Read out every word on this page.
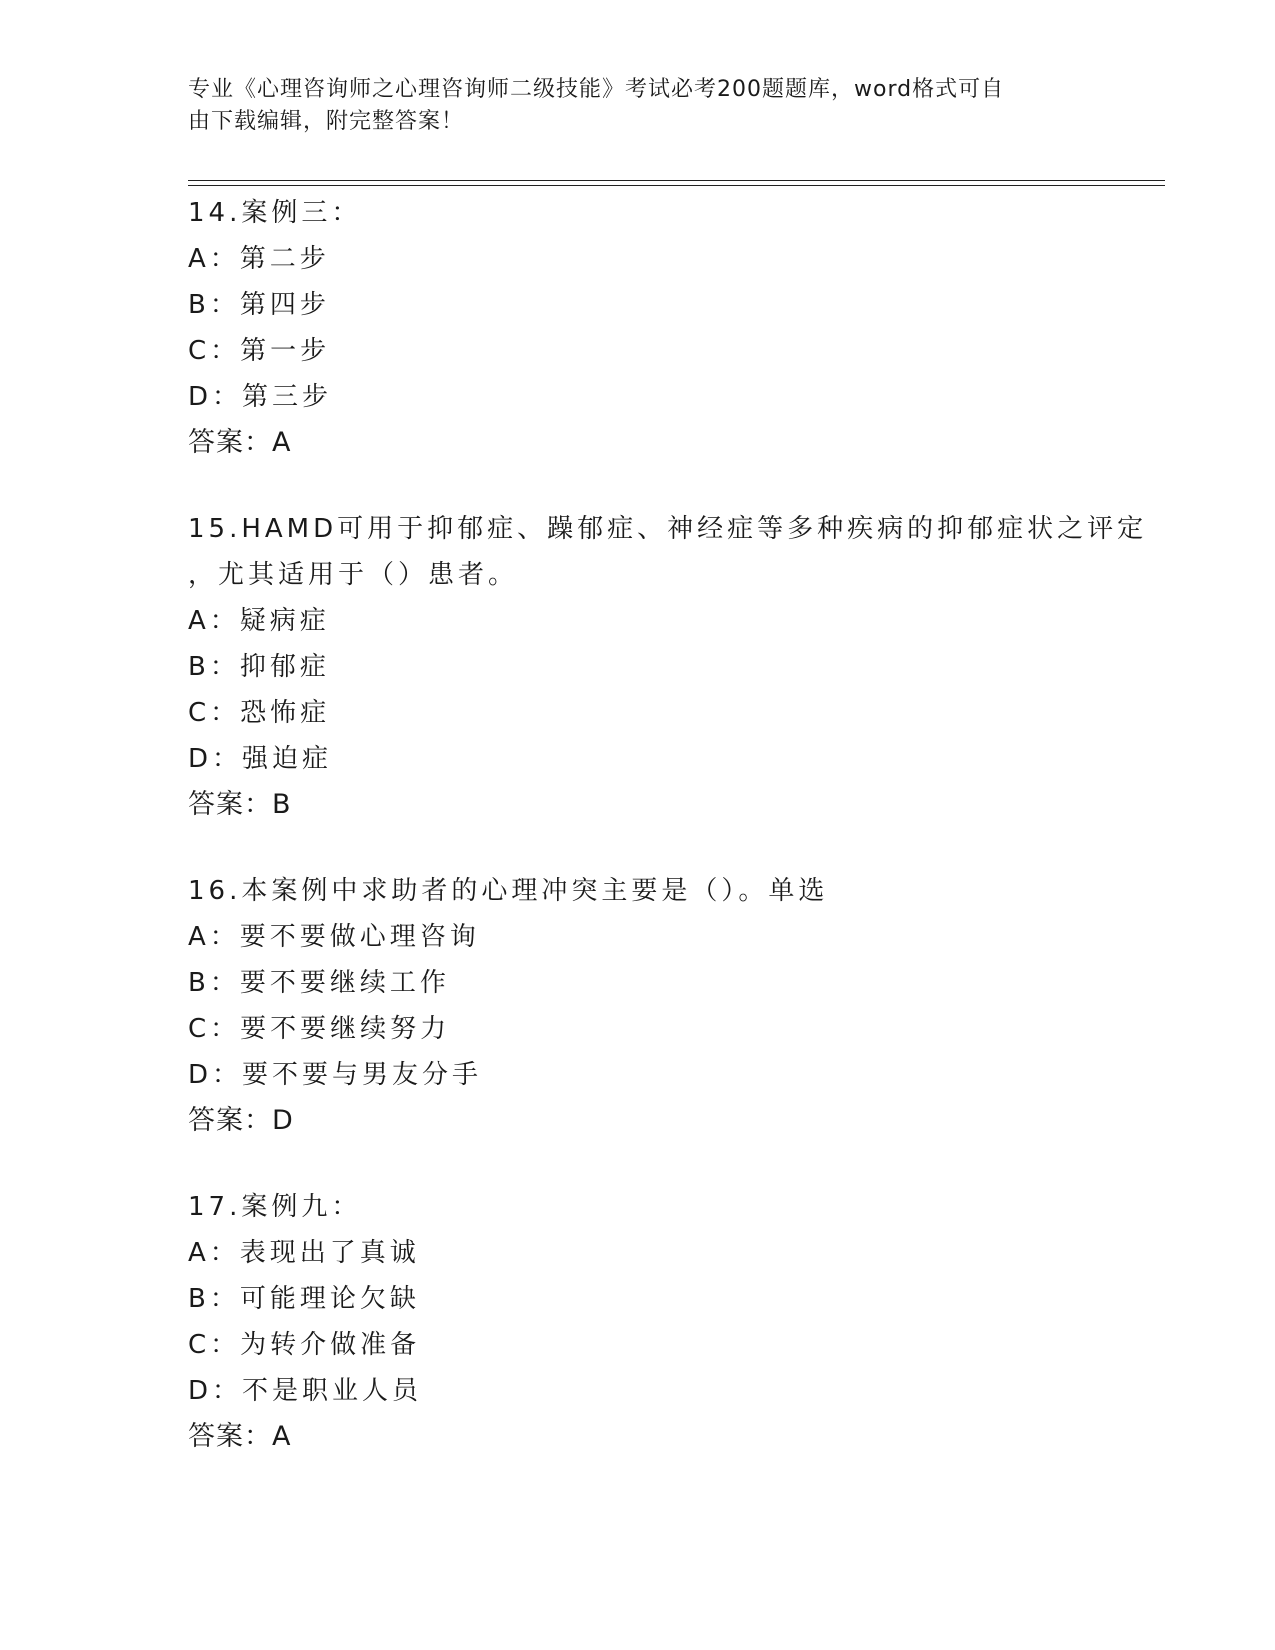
专业《心理咨询师之心理咨询师二级技能》考试必考200题题库，word格式可自
由下载编辑，附完整答案！
14.案例三：
A：第二步
B：第四步
C：第一步
D：第三步
答案：A
15.HAMD可用于抑郁症、躁郁症、神经症等多种疾病的抑郁症状之评定
，尤其适用于（）患者。
A：疑病症
B：抑郁症
C：恐怖症
D：强迫症
答案：B
16.本案例中求助者的心理冲突主要是（）。单选
A：要不要做心理咨询
B：要不要继续工作
C：要不要继续努力
D：要不要与男友分手
答案：D
17.案例九：
A：表现出了真诚
B：可能理论欠缺
C：为转介做准备
D：不是职业人员
答案：A
